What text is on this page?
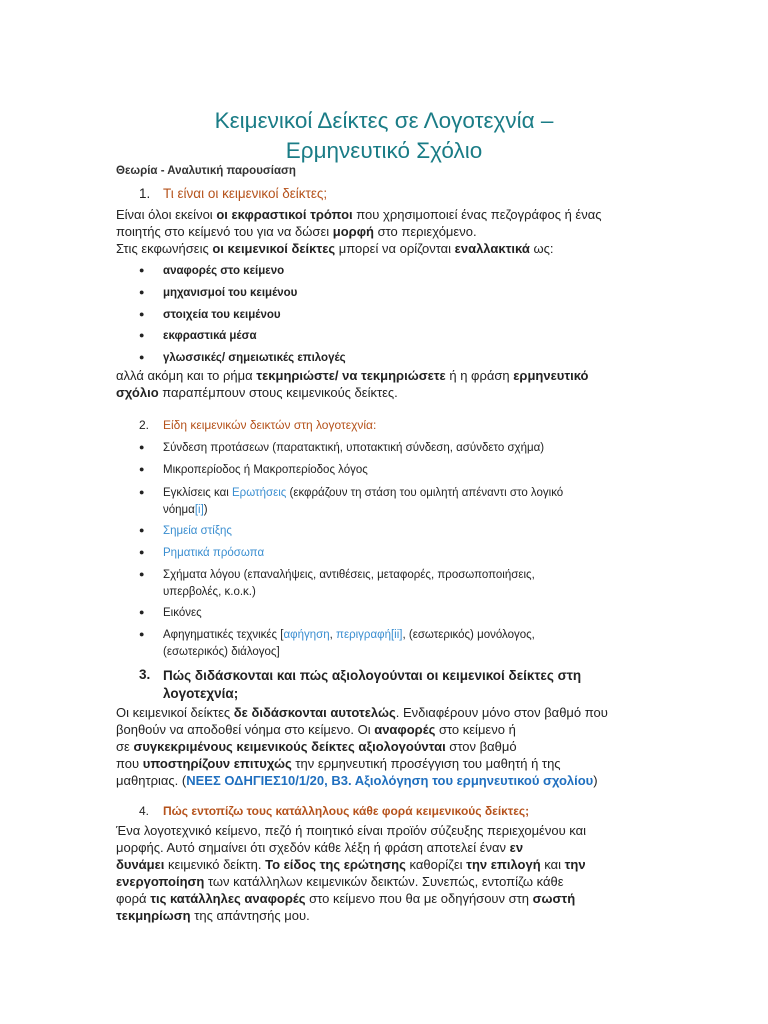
Κειμενικοί Δείκτες σε Λογοτεχνία –
Ερμηνευτικό Σχόλιο
Θεωρία - Αναλυτική παρουσίαση
1. Τι είναι οι κειμενικοί δείκτες;
Είναι όλοι εκείνοι οι εκφραστικοί τρόποι που χρησιμοποιεί ένας πεζογράφος ή ένας
ποιητής στο κείμενό του για να δώσει μορφή στο περιεχόμενο.
Στις εκφωνήσεις οι κειμενικοί δείκτες μπορεί να ορίζονται εναλλακτικά ως:
● αναφορές στο κείμενο
● μηχανισμοί του κειμένου
● στοιχεία του κειμένου
● εκφραστικά μέσα
● γλωσσικές/ σημειωτικές επιλογές
αλλά ακόμη και το ρήμα τεκμηριώστε/ να τεκμηριώσετε ή η φράση ερμηνευτικό
σχόλιο παραπέμπουν στους κειμενικούς δείκτες.
2. Είδη κειμενικών δεικτών στη λογοτεχνία:
● Σύνδεση προτάσεων (παρατακτική, υποτακτική σύνδεση, ασύνδετο σχήμα)
● Μικροπερίοδος ή Μακροπερίοδος λόγος
● Εγκλίσεις και Ερωτήσεις (εκφράζουν τη στάση του ομιλητή απέναντι στο λογικό
νόημα[i])
● Σημεία στίξης
● Ρηματικά πρόσωπα
● Σχήματα λόγου (επαναλήψεις, αντιθέσεις, μεταφορές, προσωποποιήσεις,
υπερβολές, κ.ο.κ.)
● Εικόνες
● Αφηγηματικές τεχνικές [αφήγηση, περιγραφή[ii], (εσωτερικός) μονόλογος,
(εσωτερικός) διάλογος]
3. Πώς διδάσκονται και πώς αξιολογούνται οι κειμενικοί δείκτες στη
λογοτεχνία;
Οι κειμενικοί δείκτες δε διδάσκονται αυτοτελώς. Ενδιαφέρουν μόνο στον βαθμό που
βοηθούν να αποδοθεί νόημα στο κείμενο. Οι αναφορές στο κείμενο ή
σε συγκεκριμένους κειμενικούς δείκτες αξιολογούνται στον βαθμό
που υποστηρίζουν επιτυχώς την ερμηνευτική προσέγγιση του μαθητή ή της
μαθητριας. (ΝΕΕΣ ΟΔΗΓΙΕΣ10/1/20, Β3. Αξιολόγηση του ερμηνευτικού σχολίου)
4. Πώς εντοπίζω τους κατάλληλους κάθε φορά κειμενικούς δείκτες;
Ένα λογοτεχνικό κείμενο, πεζό ή ποιητικό είναι προϊόν σύζευξης περιεχομένου και
μορφής. Αυτό σημαίνει ότι σχεδόν κάθε λέξη ή φράση αποτελεί έναν εν
δυνάμει κειμενικό δείκτη. Το είδος της ερώτησης καθορίζει την επιλογή και την
ενεργοποίηση των κατάλληλων κειμενικών δεικτών. Συνεπώς, εντοπίζω κάθε
φορά τις κατάλληλες αναφορές στο κείμενο που θα με οδηγήσουν στη σωστή
τεκμηρίωση της απάντησής μου.
